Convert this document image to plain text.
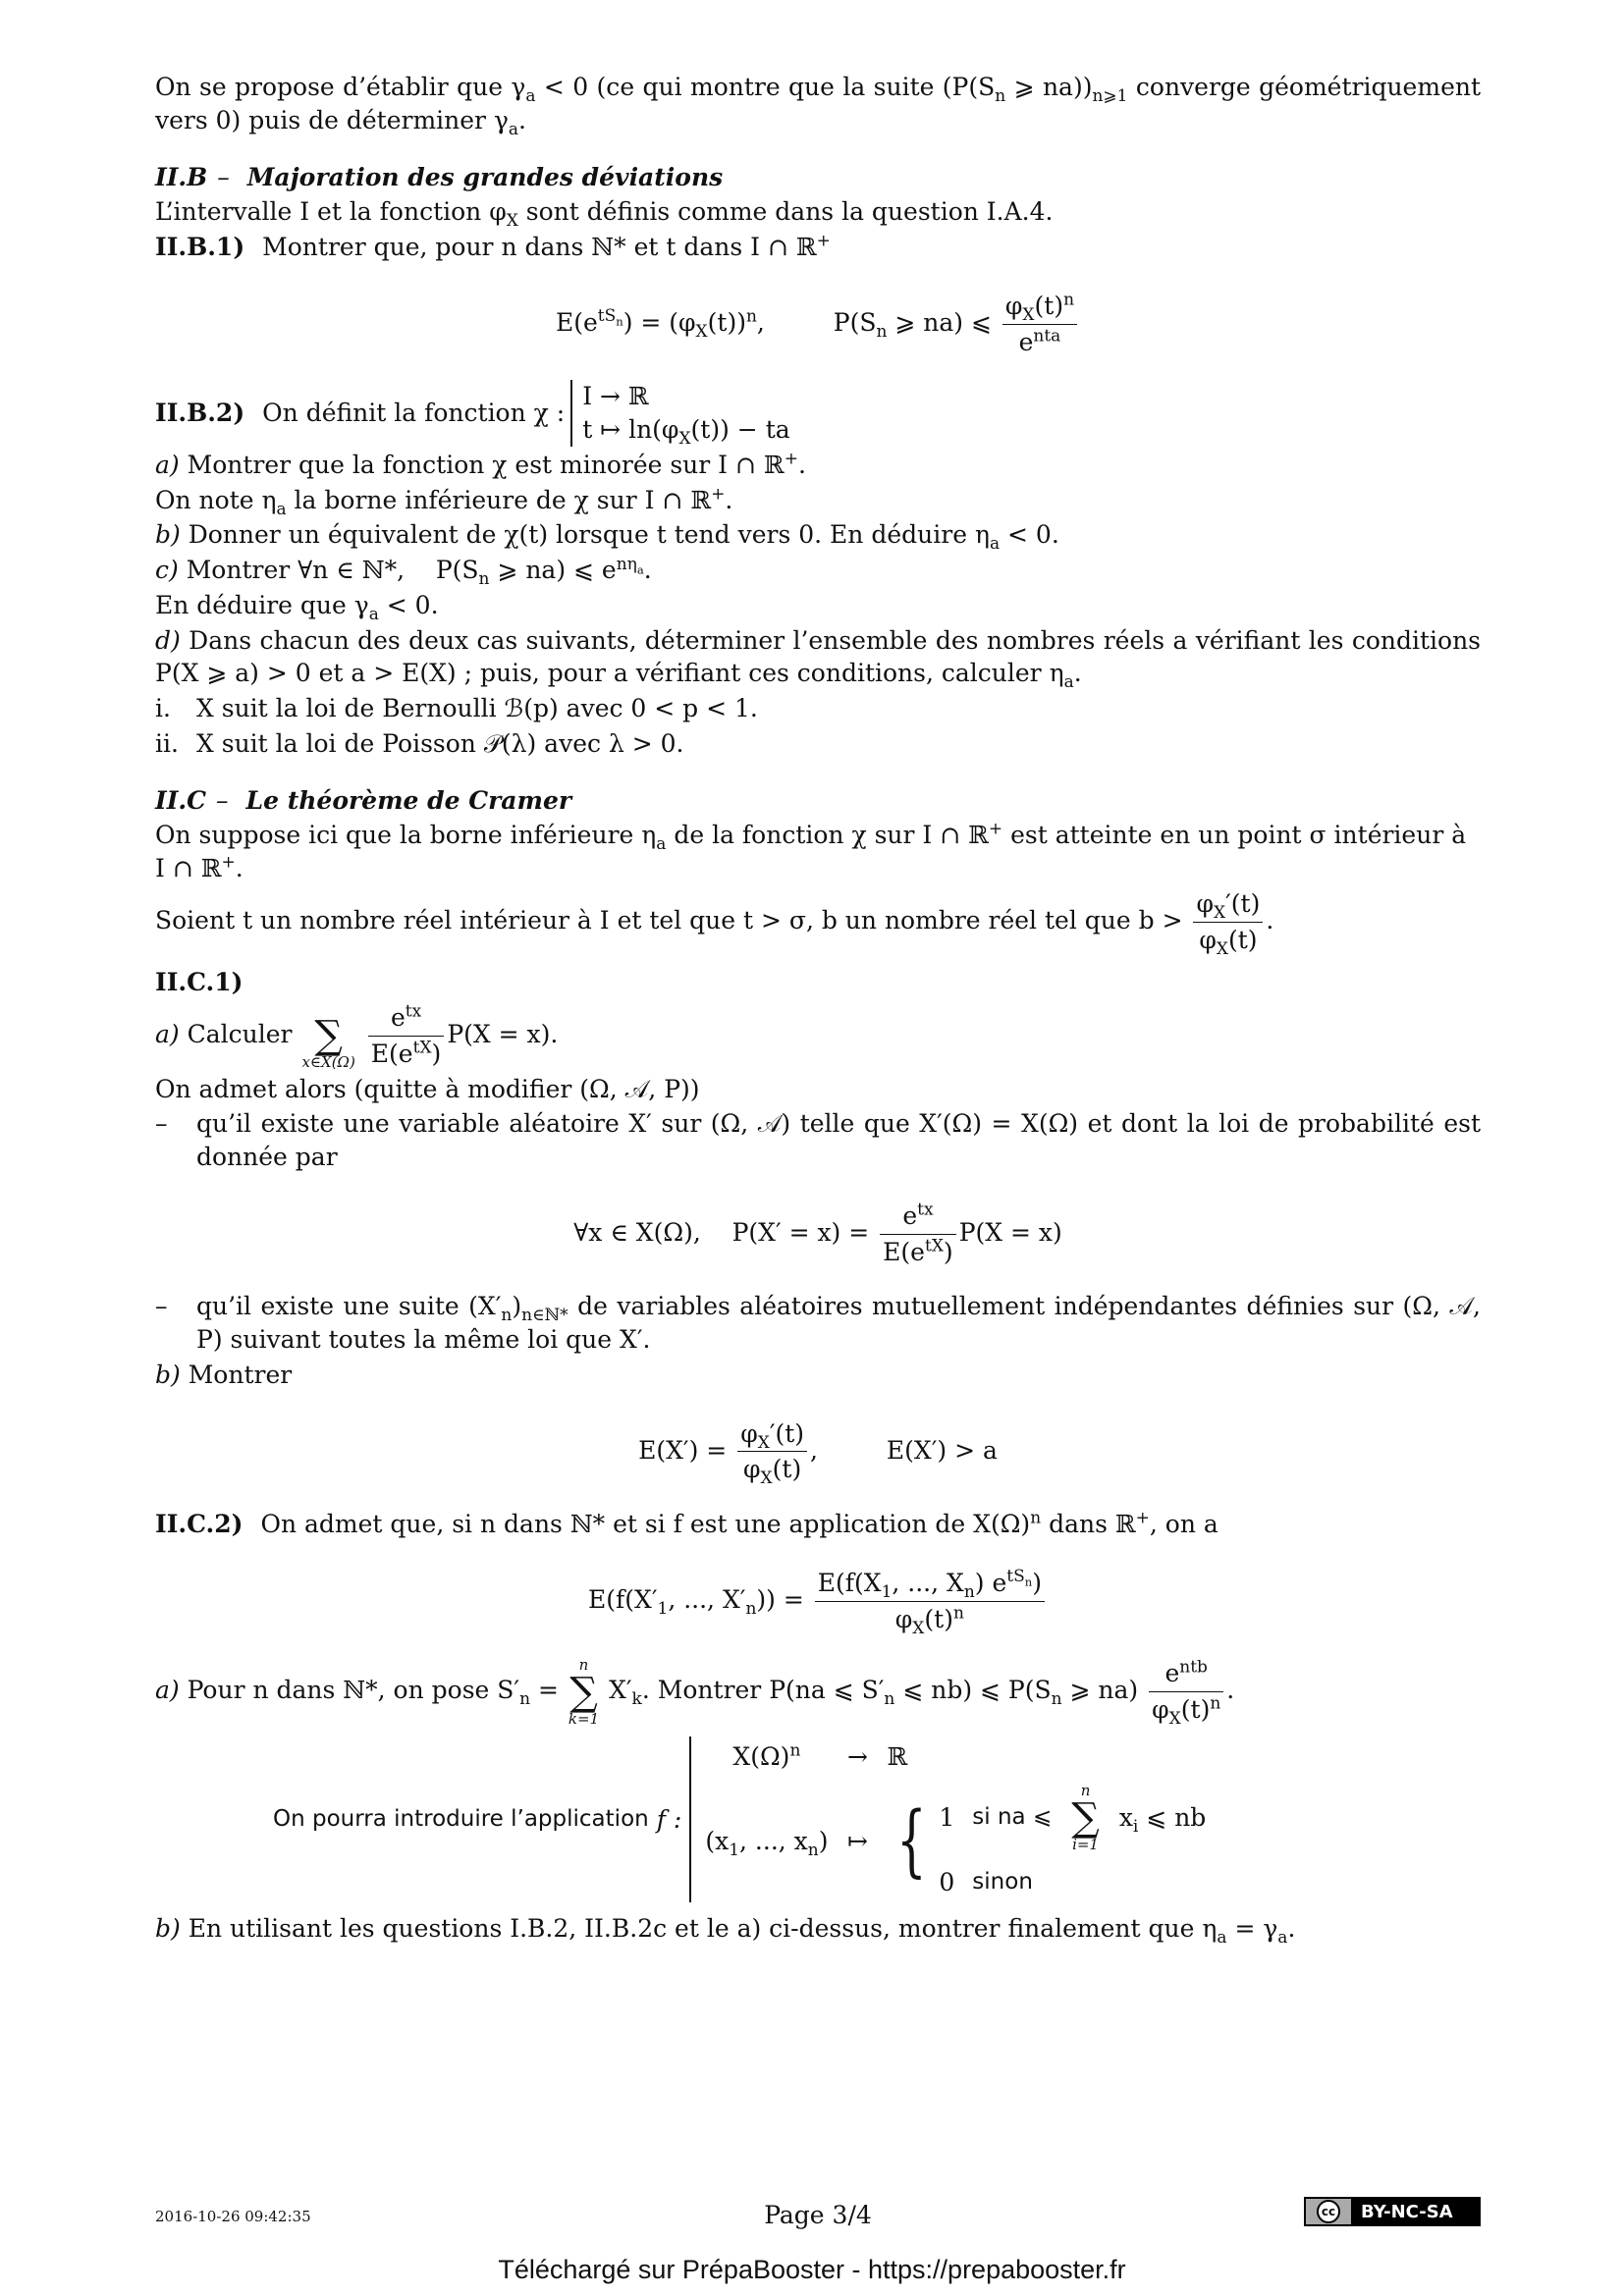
On se propose d’établir que $\gamma_a < 0$ (ce qui montre que la suite ($P(S_n$ ⩾ $na))_{n⩾1}$ converge géométriquement vers 0) puis de déterminer $\gamma_a$.

II.B – Majoration des grandes déviations

L’intervalle I et la fonction $\varphi_X$ sont définis comme dans la question I.A.4.

II.B.1) Montrer que, pour n dans ℕ* et t dans I ∩ ℝ+

$E(e^{tS_n}) = (\varphi_X(t))^n$,	$P(S_n$ ⩾ na) ⩽ $\frac{\varphi_X(t)^n}{e^{nta}}$
II.B.2) On définit la fonction χ :
I → ℝ
t ↦ $\ln(\varphi_X(t))$ − ta

a) Montrer que la fonction χ est minorée sur I ∩ ℝ+.

On note $\eta_a$ la borne inférieure de χ sur I ∩ ℝ+.

b) Donner un équivalent de χ(t) lorsque t tend vers 0. En déduire $\eta_a < 0$.

c) Montrer ∀n ∈ ℕ*,    $P(S_n$ ⩾ na) ⩽ $e^{n\eta_a}$.

En déduire que $\gamma_a < 0$.

d) Dans chacun des deux cas suivants, déterminer l’ensemble des nombres réels a vérifiant les conditions P(X ⩾ a) > 0 et a > E(X) ; puis, pour a vérifiant ces conditions, calculer $\eta_a$.

i.	X suit la loi de Bernoulli ℬ(p) avec 0 < p < 1.
ii. X suit la loi de Poisson 𝒫(λ) avec λ > 0.
II.C – Le théorème de Cramer

On suppose ici que la borne inférieure $\eta_a$ de la fonction χ sur I ∩ ℝ+ est atteinte en un point σ intérieur à I ∩ ℝ+.

Soient t un nombre réel intérieur à I et tel que t > σ, b un nombre réel tel que $b > \frac{\varphi_X'(t)}{\varphi_X(t)}$ .

II.C.1)

a) Calculer
∑
x∈X(Ω)
$\frac{e^{tx}}{E(e^{tX})} P(X = x)$.

On admet alors (quitte à modifier (Ω, 𝒜, P))

–	qu’il existe une variable aléatoire X′ sur (Ω, 𝒜) telle que X′(Ω) = X(Ω) et dont la loi de probabilité est donnée par
∀x ∈ X(Ω),    $P(X' = x) = \frac{e^{tx}}{E(e^{tX})} P(X = x)$
–	qu’il existe une suite $(X'_n)_{n\in ℕ*}$ de variables aléatoires mutuellement indépendantes définies sur (Ω, 𝒜, P) suivant toutes la même loi que X′.

b) Montrer

$E(X') = \frac{\varphi_X'(t)}{\varphi_X(t)}$ ,  E(X′) > a

II.C.2) On admet que, si n dans ℕ* et si f est une application de $X(\Omega)^n$ dans ℝ+, on a

$E(f(X'_1$, ..., $X'_n)) = \frac{E(f(X_1, ..., X_n) e^{tS_n})}{\varphi_X(t)^n}$

a) Pour n dans ℕ*, on pose $S'_n$ =
n
∑
k=1
$X'_k$. Montrer P(na ⩽ $S'_n$ ⩽ nb) ⩽ $P(S_n$ ⩾ $na) \frac{e^{ntb}}{\varphi_X(t)^n}$ .

On pourra introduire l’application f :
$X(\Omega)^n$	→ ℝ
($x_1$, ..., $x_n$) ↦ { 1 si na ⩽
n
∑
i=1
$x_i$ ⩽ nb
0 sinon

b) En utilisant les questions I.B.2, II.B.2c et le a) ci-dessus, montrer finalement que $\eta_a = \gamma_a$.

2016-10-26 09:42:35	Page 3/4	cc BY-NC-SA
Téléchargé sur PrépaBooster - https://prepabooster.fr
